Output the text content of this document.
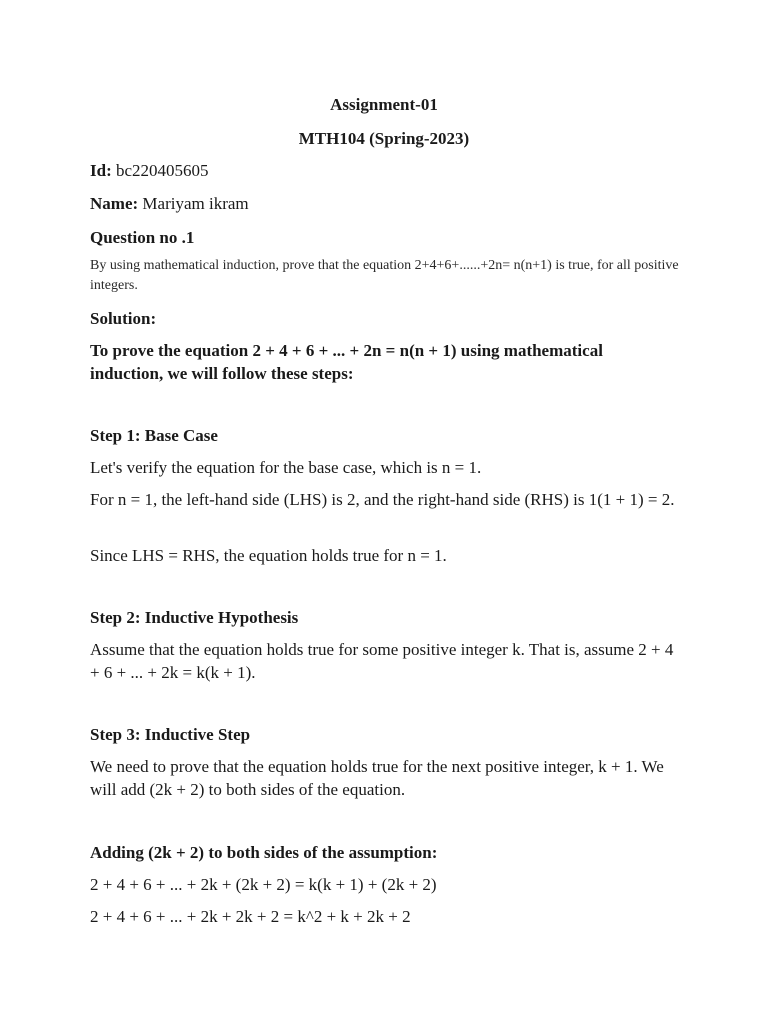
Assignment-01
MTH104 (Spring-2023)
Id: bc220405605
Name: Mariyam ikram
Question no .1
By using mathematical induction, prove that the equation 2+4+6+......+2n= n(n+1) is true, for all positive integers.
Solution:
To prove the equation 2 + 4 + 6 + ... + 2n = n(n + 1) using mathematical induction, we will follow these steps:
Step 1: Base Case
Let's verify the equation for the base case, which is n = 1.
For n = 1, the left-hand side (LHS) is 2, and the right-hand side (RHS) is 1(1 + 1) = 2.
Since LHS = RHS, the equation holds true for n = 1.
Step 2: Inductive Hypothesis
Assume that the equation holds true for some positive integer k. That is, assume 2 + 4 + 6 + ... + 2k = k(k + 1).
Step 3: Inductive Step
We need to prove that the equation holds true for the next positive integer, k + 1. We will add (2k + 2) to both sides of the equation.
Adding (2k + 2) to both sides of the assumption:
2 + 4 + 6 + ... + 2k + (2k + 2) = k(k + 1) + (2k + 2)
2 + 4 + 6 + ... + 2k + 2k + 2 = k^2 + k + 2k + 2
